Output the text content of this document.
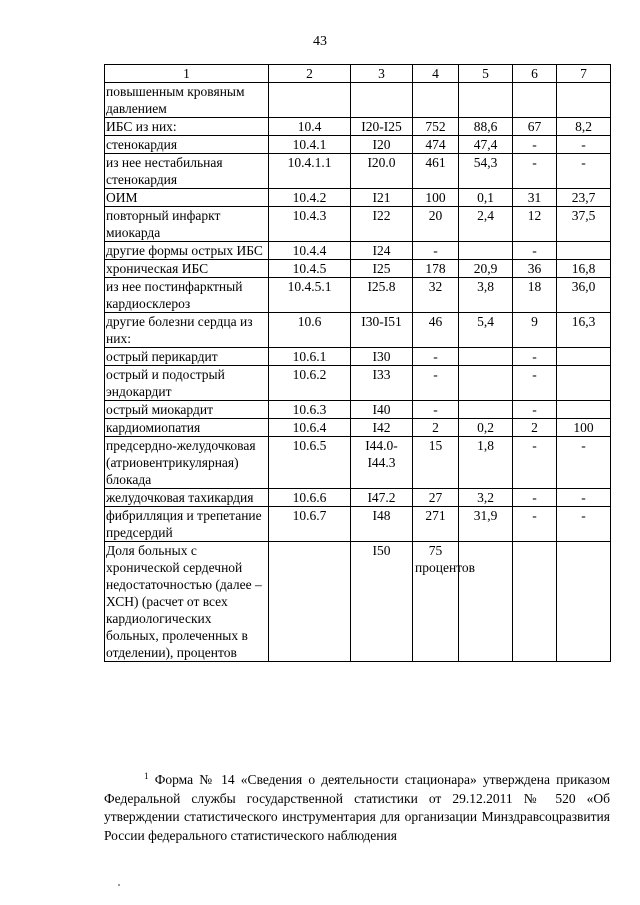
43
1	2	3	4	5	6	7
повышенным кровяным давлением						
ИБС из них:	10.4	I20-I25	752	88,6	67	8,2
стенокардия	10.4.1	I20	474	47,4	-	-
из нее нестабильная стенокардия	10.4.1.1	I20.0	461	54,3	-	-
ОИМ	10.4.2	I21	100	0,1	31	23,7
повторный инфаркт миокарда	10.4.3	I22	20	2,4	12	37,5
другие формы острых ИБС	10.4.4	I24	-		-	
хроническая ИБС	10.4.5	I25	178	20,9	36	16,8
из нее постинфарктный кардиосклероз	10.4.5.1	I25.8	32	3,8	18	36,0
другие болезни сердца из них:	10.6	I30-I51	46	5,4	9	16,3
острый перикардит	10.6.1	I30	-		-	
острый и подострый эндокардит	10.6.2	I33	-		-	
острый миокардит	10.6.3	I40	-		-	
кардиомиопатия	10.6.4	I42	2	0,2	2	100
предсердно-желудочковая (атриовентрикулярная) блокада	10.6.5	I44.0-I44.3	15	1,8	-	-
желудочковая тахикардия	10.6.6	I47.2	27	3,2	-	-
фибрилляция и трепетание предсердий	10.6.7	I48	271	31,9	-	-
Доля больных с хронической сердечной недостаточностью (далее – ХСН) (расчет от всех кардиологических больных, пролеченных в отделении), процентов		I50	75 процентов			
$^1$ Форма № 14 «Сведения о деятельности стационара» утверждена приказом Федеральной службы государственной статистики от 29.12.2011 № 520 «Об утверждении статистического инструментария для организации Минздравсоцразвития России федерального статистического наблюдения
